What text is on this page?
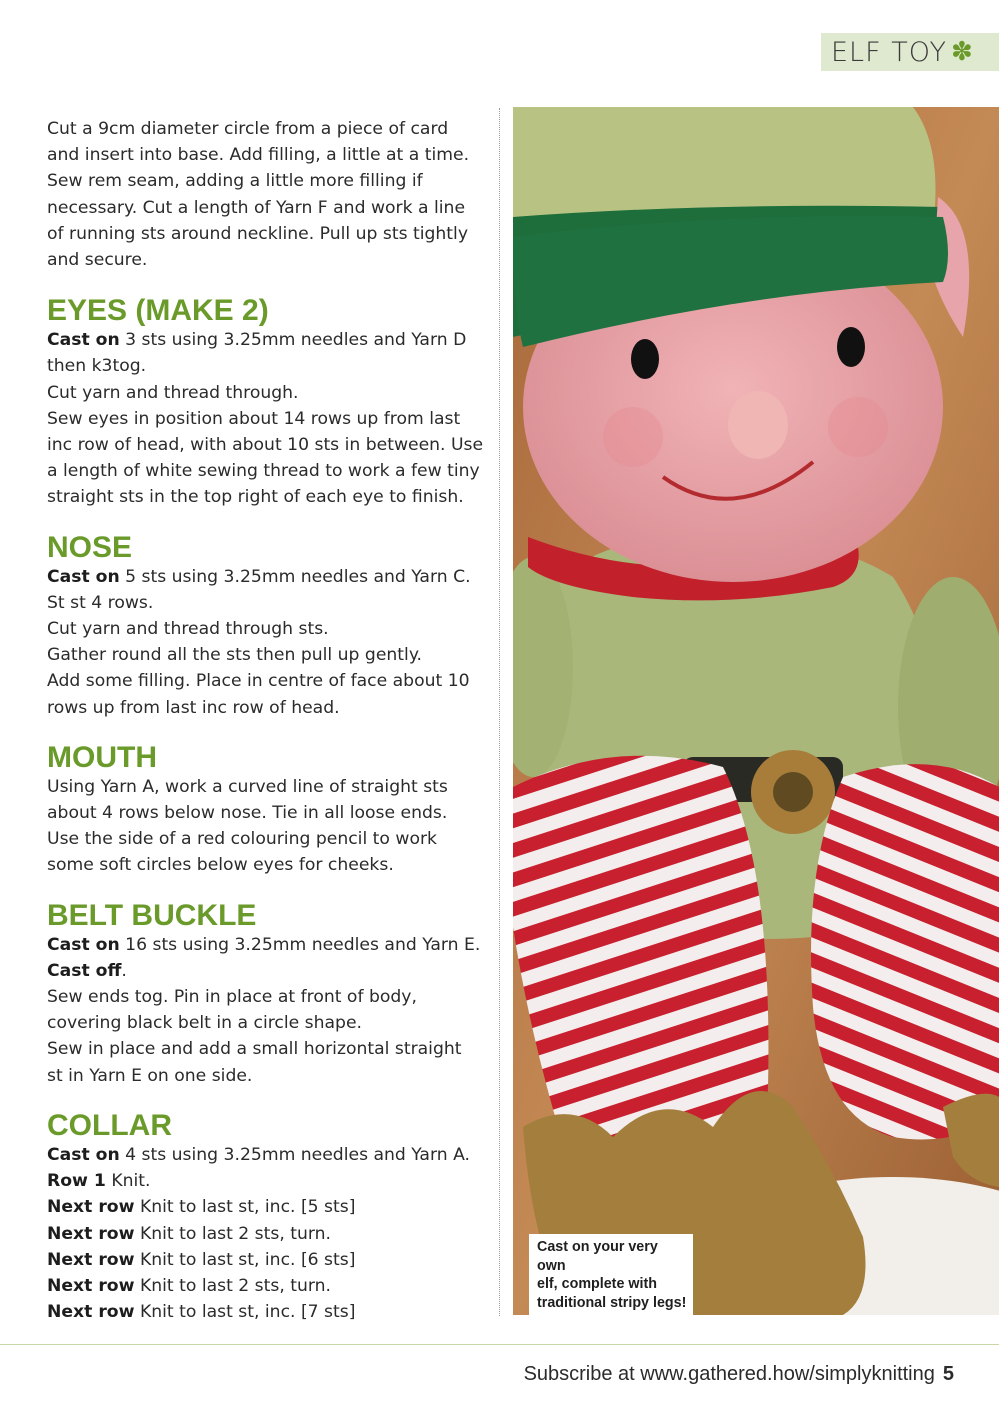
ELF TOY ✽

Cut a 9cm diameter circle from a piece of card
and insert into base. Add filling, a little at a time.
Sew rem seam, adding a little more filling if
necessary. Cut a length of Yarn F and work a line
of running sts around neckline. Pull up sts tightly
and secure.

EYES (MAKE 2)

Cast on 3 sts using 3.25mm needles and Yarn D
then k3tog.
Cut yarn and thread through.
Sew eyes in position about 14 rows up from last
inc row of head, with about 10 sts in between. Use
a length of white sewing thread to work a few tiny
straight sts in the top right of each eye to finish.

NOSE

Cast on 5 sts using 3.25mm needles and Yarn C.
St st 4 rows.
Cut yarn and thread through sts.
Gather round all the sts then pull up gently.
Add some filling. Place in centre of face about 10
rows up from last inc row of head.

MOUTH

Using Yarn A, work a curved line of straight sts
about 4 rows below nose. Tie in all loose ends.
Use the side of a red colouring pencil to work
some soft circles below eyes for cheeks.

BELT BUCKLE

Cast on 16 sts using 3.25mm needles and Yarn E.
Cast off.
Sew ends tog. Pin in place at front of body,
covering black belt in a circle shape.
Sew in place and add a small horizontal straight
st in Yarn E on one side.

COLLAR

Cast on 4 sts using 3.25mm needles and Yarn A.
Row 1 Knit.
Next row Knit to last st, inc. [5 sts]
Next row Knit to last 2 sts, turn.
Next row Knit to last st, inc. [6 sts]
Next row Knit to last 2 sts, turn.
Next row Knit to last st, inc. [7 sts]

Cast on your very own
elf, complete with
traditional stripy legs!
Subscribe at www.gathered.how/simplyknitting 5
